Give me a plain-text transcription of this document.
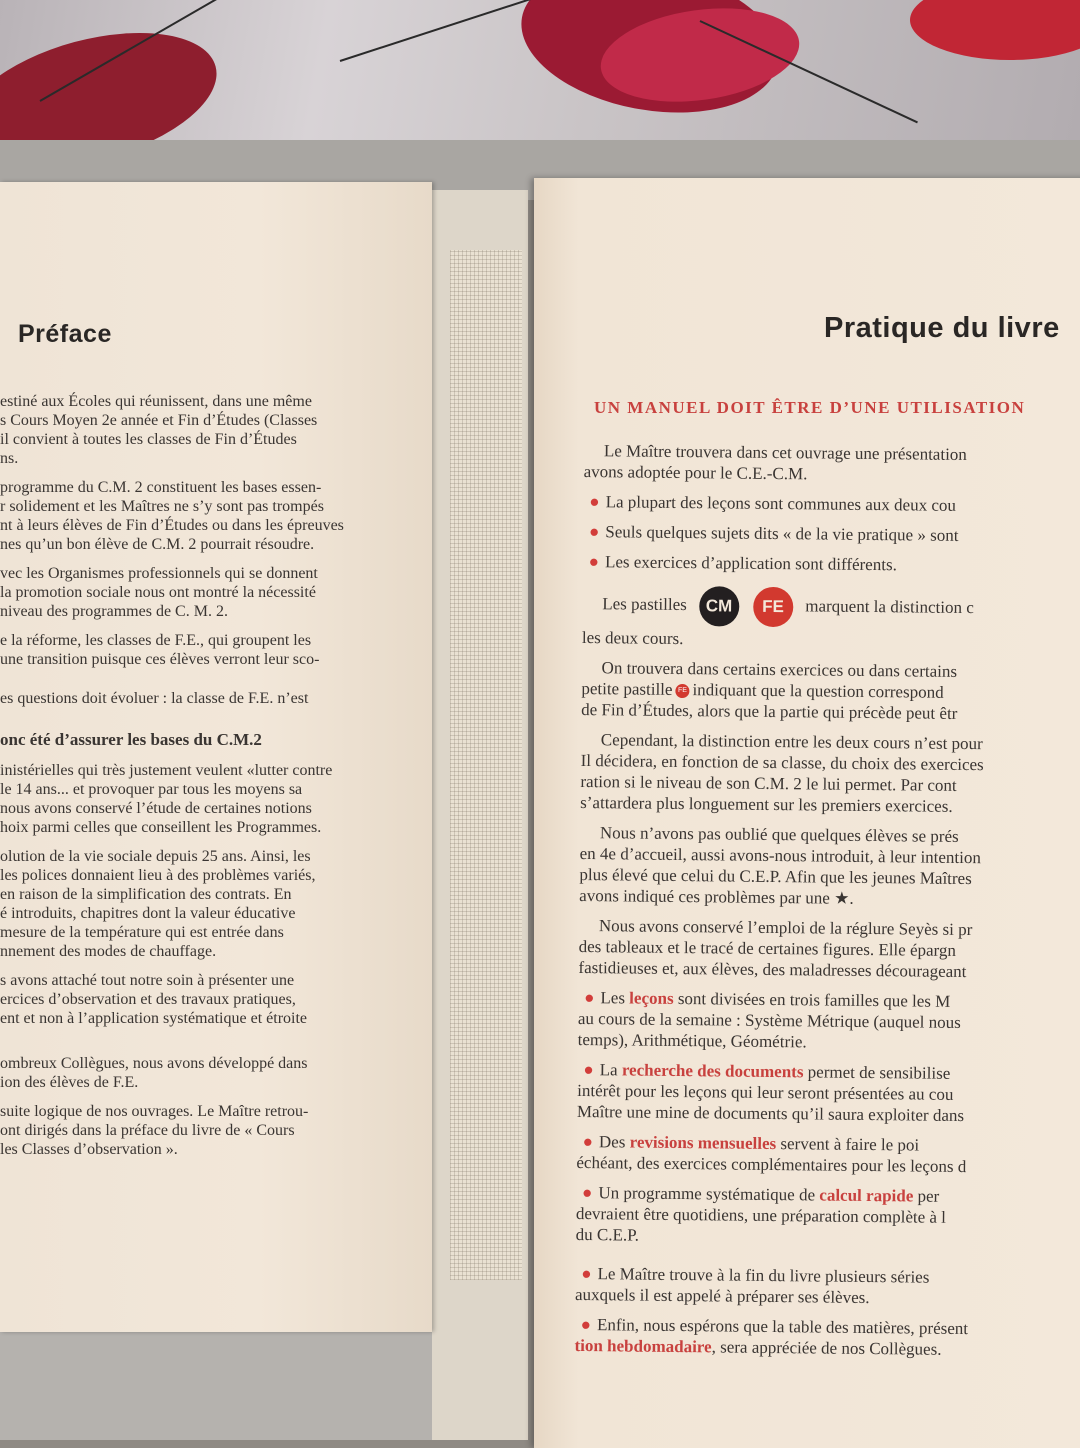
Préface
estiné aux Écoles qui réunissent, dans une même
s Cours Moyen 2e année et Fin d’Études (Classes
il convient à toutes les classes de Fin d’Études
ns.
programme du C.M. 2 constituent les bases essen-
r solidement et les Maîtres ne s’y sont pas trompés
nt à leurs élèves de Fin d’Études ou dans les épreuves
nes qu’un bon élève de C.M. 2 pourrait résoudre.
vec les Organismes professionnels qui se donnent
la promotion sociale nous ont montré la nécessité
niveau des programmes de C. M. 2.
e la réforme, les classes de F.E., qui groupent les
une transition puisque ces élèves verront leur sco-
es questions doit évoluer : la classe de F.E. n’est
onc été d’assurer les bases du C.M.2
inistérielles qui très justement veulent «lutter contre
le 14 ans... et provoquer par tous les moyens sa
nous avons conservé l’étude de certaines notions
hoix parmi celles que conseillent les Programmes.
olution de la vie sociale depuis 25 ans. Ainsi, les
les polices donnaient lieu à des problèmes variés,
en raison de la simplification des contrats. En
é introduits, chapitres dont la valeur éducative
mesure de la température qui est entrée dans
nnement des modes de chauffage.
s avons attaché tout notre soin à présenter une
ercices d’observation et des travaux pratiques,
ent et non à l’application systématique et étroite
ombreux Collègues, nous avons développé dans
ion des élèves de F.E.
suite logique de nos ouvrages. Le Maître retrou-
ont dirigés dans la préface du livre de « Cours
les Classes d’observation ».
Pratique du livre
UN MANUEL DOIT ÊTRE D’UNE UTILISATION
Le Maître trouvera dans cet ouvrage une présentation
avons adoptée pour le C.E.-C.M.
● La plupart des leçons sont communes aux deux cou
● Seuls quelques sujets dits « de la vie pratique » sont
● Les exercices d’application sont différents.
Les pastilles	CM	FE	marquent la distinction c
les deux cours.
On trouvera dans certains exercices ou dans certains
petite pastille FE indiquant que la question correspond
de Fin d’Études, alors que la partie qui précède peut êtr
Cependant, la distinction entre les deux cours n’est pour
Il décidera, en fonction de sa classe, du choix des exercices
ration si le niveau de son C.M. 2 le lui permet. Par cont
s’attardera plus longuement sur les premiers exercices.
Nous n’avons pas oublié que quelques élèves se prés
en 4e d’accueil, aussi avons-nous introduit, à leur intention
plus élevé que celui du C.E.P. Afin que les jeunes Maîtres
avons indiqué ces problèmes par une ★.
Nous avons conservé l’emploi de la réglure Seyès si pr
des tableaux et le tracé de certaines figures. Elle épargn
fastidieuses et, aux élèves, des maladresses décourageant
● Les leçons sont divisées en trois familles que les M
au cours de la semaine : Système Métrique (auquel nous
temps), Arithmétique, Géométrie.
● La recherche des documents permet de sensibilise
intérêt pour les leçons qui leur seront présentées au cou
Maître une mine de documents qu’il saura exploiter dans
● Des revisions mensuelles servent à faire le poi
échéant, des exercices complémentaires pour les leçons d
● Un programme systématique de calcul rapide per
devraient être quotidiens, une préparation complète à l
du C.E.P.
● Le Maître trouve à la fin du livre plusieurs séries
auxquels il est appelé à préparer ses élèves.
● Enfin, nous espérons que la table des matières, présent
tion hebdomadaire, sera appréciée de nos Collègues.
